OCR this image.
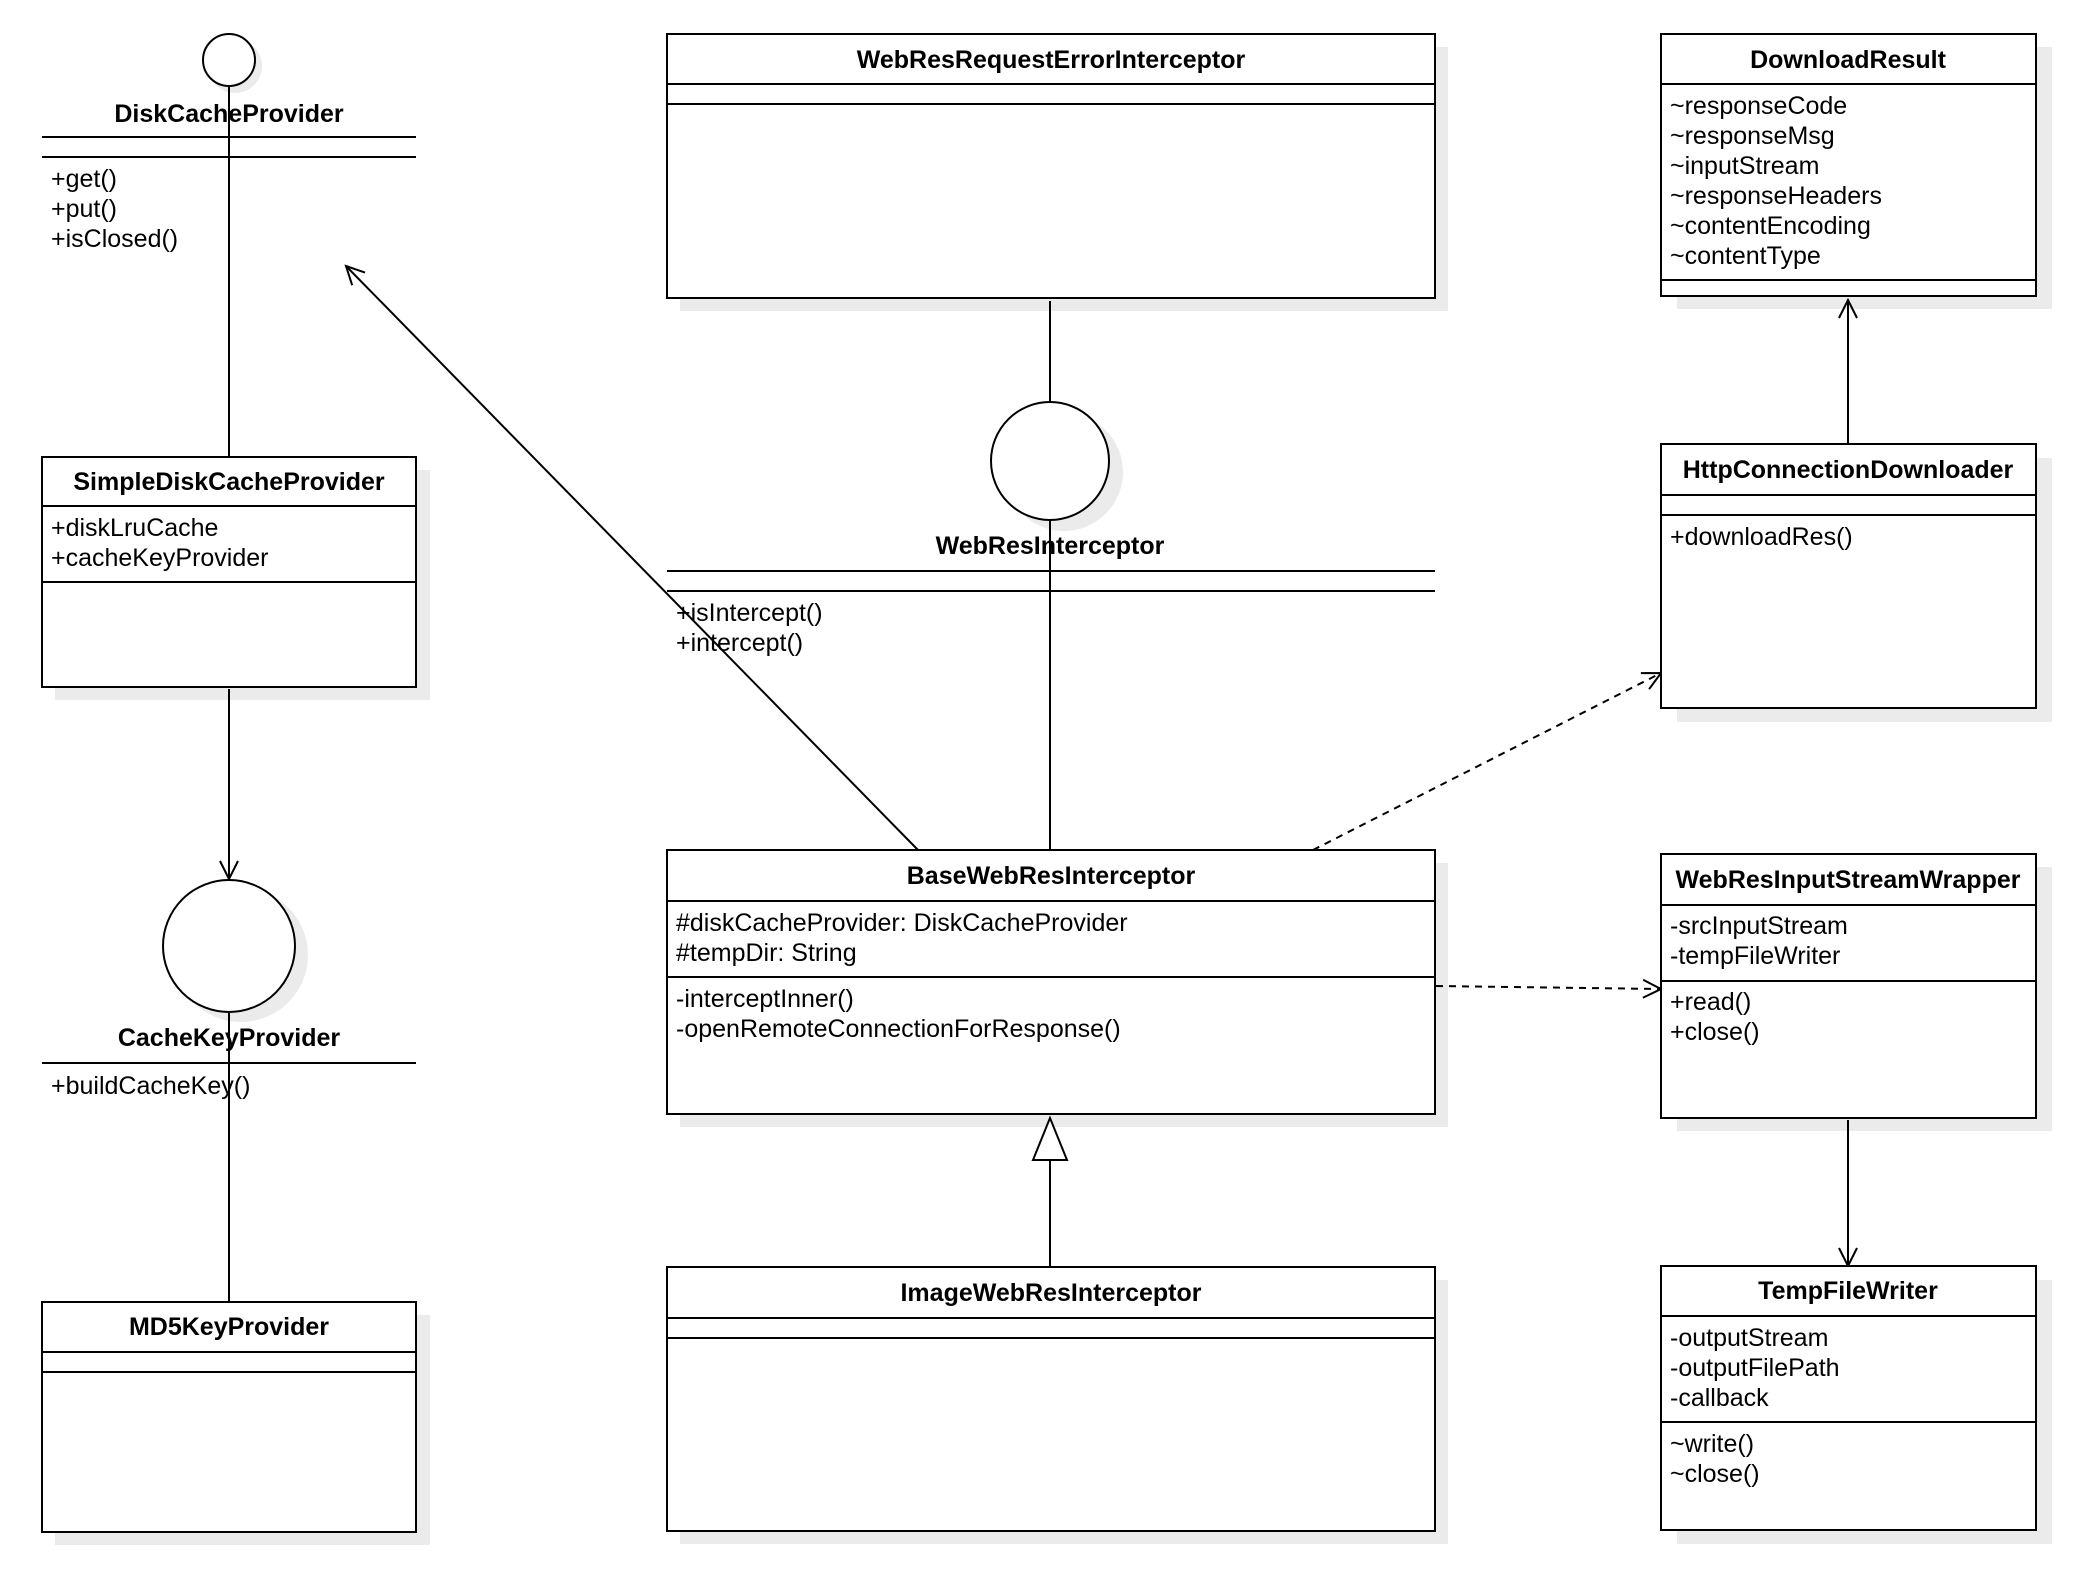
DiskCacheProvider
+get()
+put()
+isClosed()
SimpleDiskCacheProvider
+diskLruCache
+cacheKeyProvider
CacheKeyProvider
+buildCacheKey()
MD5KeyProvider
WebResRequestErrorInterceptor
WebResInterceptor
+isIntercept()
+intercept()
BaseWebResInterceptor
#diskCacheProvider: DiskCacheProvider
#tempDir: String
-interceptInner()
-openRemoteConnectionForResponse()
ImageWebResInterceptor
DownloadResult
~responseCode
~responseMsg
~inputStream
~responseHeaders
~contentEncoding
~contentType
HttpConnectionDownloader
+downloadRes()
WebResInputStreamWrapper
-srcInputStream
-tempFileWriter
+read()
+close()
TempFileWriter
-outputStream
-outputFilePath
-callback
~write()
~close()
